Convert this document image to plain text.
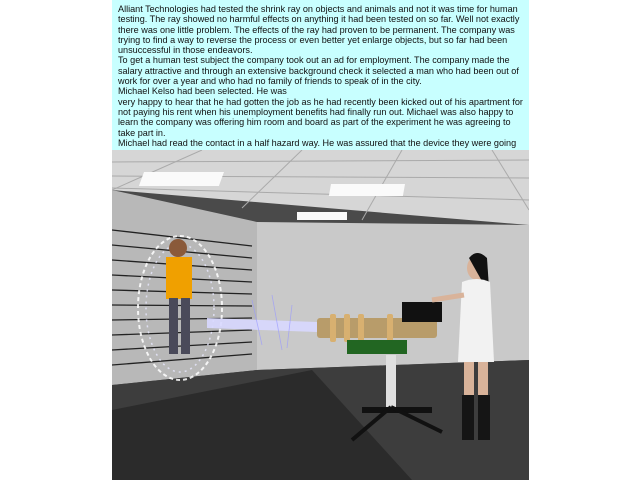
Alliant Technologies had tested the shrink ray on objects and animals and not it was time for human testing. The ray showed no harmful effects on anything it had been tested on so far. Well not exactly there was one little problem. The effects of the ray had proven to be permanent. The company was trying to find a way to reverse the process or even better yet enlarge objects, but so far had been unsuccessful in those endeavors.

To get a human test subject the company took out an ad for employment. The company made the salary attractive and through an extensive background check it selected a man who had been out of work for over a year and who had no family of friends to speak of in the city.

Michael Kelso had been selected. He was
very happy to hear that he had gotten the job as he had recently been kicked out of his apartment for not paying his rent when his unemployment benefits had finally run out. Michael was also happy to learn the company was offering him room and board as part of the experiment he was agreeing to take part in.

Michael had read the contact in a half hazard way. He was assured that the device they were going
